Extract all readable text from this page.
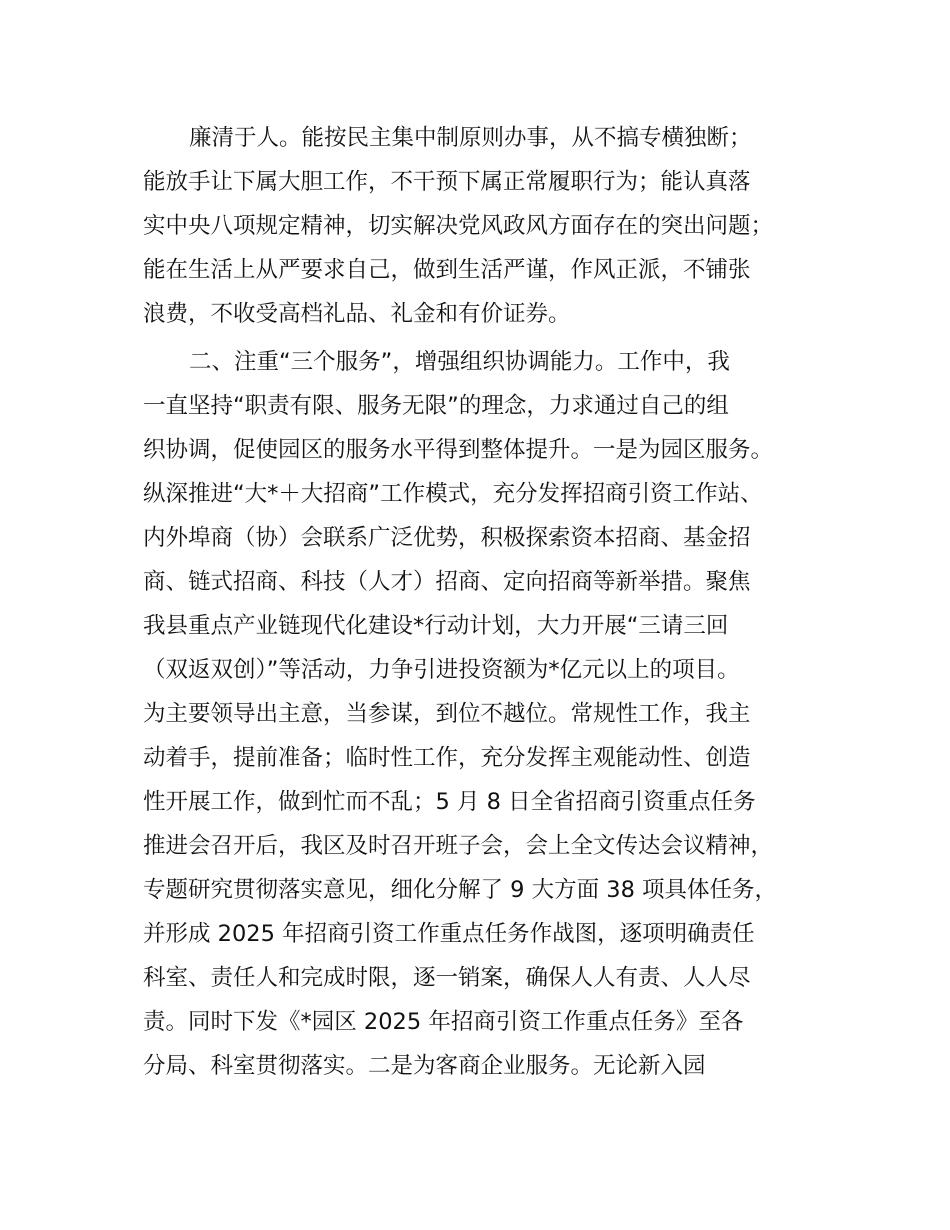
廉清于人。能按民主集中制原则办事，从不搞专横独断；
能放手让下属大胆工作，不干预下属正常履职行为；能认真落
实中央八项规定精神，切实解决党风政风方面存在的突出问题；
能在生活上从严要求自己，做到生活严谨，作风正派，不铺张
浪费，不收受高档礼品、礼金和有价证券。
二、注重“三个服务”，增强组织协调能力。工作中，我
一直坚持“职责有限、服务无限”的理念，力求通过自己的组
织协调，促使园区的服务水平得到整体提升。一是为园区服务。
纵深推进“大*＋大招商”工作模式，充分发挥招商引资工作站、
内外埠商（协）会联系广泛优势，积极探索资本招商、基金招
商、链式招商、科技（人才）招商、定向招商等新举措。聚焦
我县重点产业链现代化建设*行动计划，大力开展“三请三回
（双返双创）”等活动，力争引进投资额为*亿元以上的项目。
为主要领导出主意，当参谋，到位不越位。常规性工作，我主
动着手，提前准备；临时性工作，充分发挥主观能动性、创造
性开展工作，做到忙而不乱；5 月 8 日全省招商引资重点任务
推进会召开后，我区及时召开班子会，会上全文传达会议精神，
专题研究贯彻落实意见，细化分解了 9 大方面 38 项具体任务，
并形成 2025 年招商引资工作重点任务作战图，逐项明确责任
科室、责任人和完成时限，逐一销案，确保人人有责、人人尽
责。同时下发《*园区 2025 年招商引资工作重点任务》至各
分局、科室贯彻落实。二是为客商企业服务。无论新入园
